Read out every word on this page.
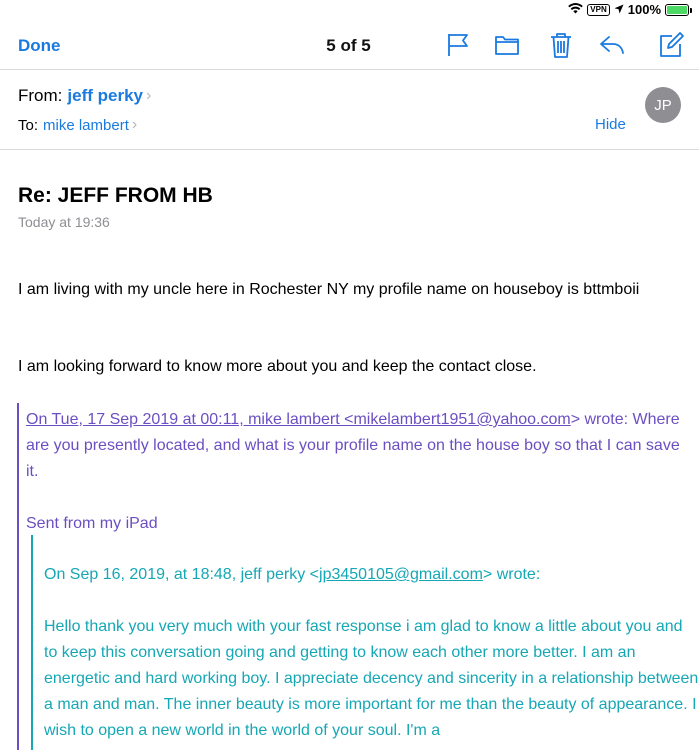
VPN 100%
Done	5 of 5
From: jeff perky ›
To: mike lambert ›
JP
Hide
Re: JEFF FROM HB
Today at 19:36
I am living with my uncle here in Rochester NY my profile name on houseboy is bttmboii
I am looking forward to know more about you and keep the contact close.
On Tue, 17 Sep 2019 at 00:11, mike lambert <mikelambert1951@yahoo.com> wrote: Where are you presently located, and what is your profile name on the house boy so that I can save it.
Sent from my iPad
On Sep 16, 2019, at 18:48, jeff perky <jp3450105@gmail.com> wrote:
Hello thank you very much with your fast response i am glad to know a little about you and to keep this conversation going and getting to know each other more better. I am an energetic and hard working boy. I appreciate decency and sincerity in a relationship between a man and man. The inner beauty is more important for me than the beauty of appearance. I wish to open a new world in the world of your soul. I'm a
